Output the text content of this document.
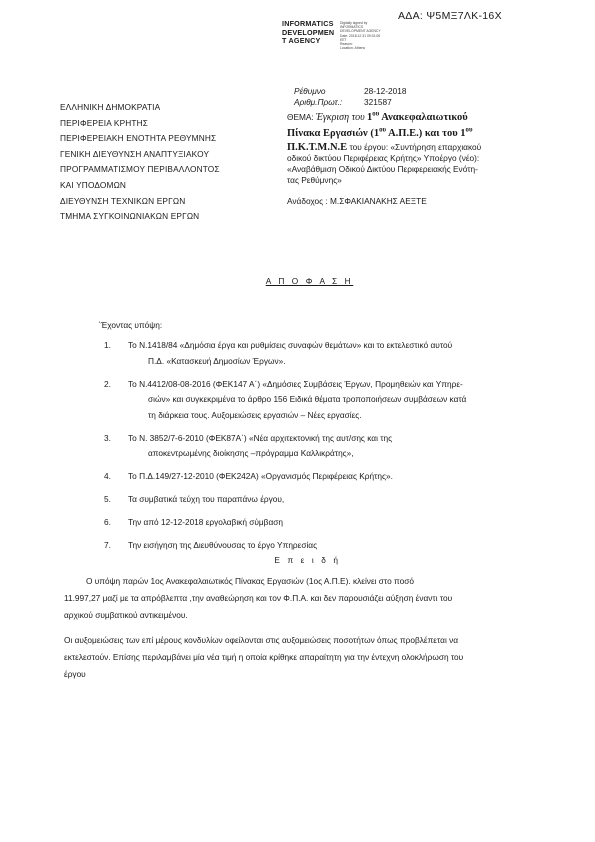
ΑΔΑ: Ψ5ΜΞ7ΛΚ-16Χ
INFORMATICS
DEVELOPMEN
T AGENCY
Digitally signed by
INFORMATICS
DEVELOPMENT AGENCY
Date: 2018.12.31 09:31:05
EET
Reason:
Location: Athens
ΕΛΛΗΝΙΚΗ ΔΗΜΟΚΡΑΤΙΑ
ΠΕΡΙΦΕΡΕΙΑ ΚΡΗΤΗΣ
ΠΕΡΙΦΕΡΕΙΑΚΗ ΕΝΟΤΗΤΑ ΡΕΘΥΜΝΗΣ
ΓΕΝΙΚΗ ΔΙΕΥΘΥΝΣΗ ΑΝΑΠΤΥΞΙΑΚΟΥ
ΠΡΟΓΡΑΜΜΑΤΙΣΜΟΥ ΠΕΡΙΒΑΛΛΟΝΤΟΣ
ΚΑΙ ΥΠΟΔΟΜΩΝ
ΔΙΕΥΘΥΝΣΗ ΤΕΧΝΙΚΩΝ ΕΡΓΩΝ
ΤΜΗΜΑ ΣΥΓΚΟΙΝΩΝΙΑΚΩΝ ΕΡΓΩΝ
Ρέθυμνο	28-12-2018
Αριθμ.Πρωτ.:	321587
ΘΕΜΑ: Έγκριση του $1^{o\upsilon}$ Ανακεφαλαιωτικού
Πίνακα Εργασιών ($1^{o\upsilon}$ Α.Π.Ε.) και του $1^{o\upsilon}$
Π.Κ.Τ.Μ.Ν.Ε του έργου: «Συντήρηση επαρχιακού
οδικού δικτύου Περιφέρειας Κρήτης» Υποέργο (νέο):
«Αναβάθμιση Οδικού Δικτύου Περιφερειακής Ενότη-
τας Ρεθύμνης»
Ανάδοχος : Μ.ΣΦΑΚΙΑΝΑΚΗΣ ΑΕΞΤΕ
Α Π Ο Φ Α Σ Η
΄Έχοντας υπόψη:
1. Το Ν.1418/84 «Δημόσια έργα και ρυθμίσεις συναφών θεμάτων» και το εκτελεστικό αυτού
Π.Δ. «Κατασκευή Δημοσίων Έργων».
2. Το Ν.4412/08-08-2016 (ΦΕΚ147 Α΄) «Δημόσιες Συμβάσεις Έργων, Προμηθειών και Υπηρε-
σιών» και συγκεκριμένα το άρθρο 156 Ειδικά θέματα τροποποιήσεων συμβάσεων κατά
τη διάρκεια τους. Αυξομειώσεις εργασιών – Νέες εργασίες.
3. Το Ν. 3852/7-6-2010 (ΦΕΚ87Α΄) «Νέα αρχιτεκτονική της αυτ/σης και της
αποκεντρωμένης διοίκησης –πρόγραμμα Καλλικράτης»,
4. Το Π.Δ.149/27-12-2010 (ΦΕΚ242Α) «Οργανισμός Περιφέρειας Κρήτης».
5. Τα συμβατικά τεύχη του παραπάνω έργου,
6. Την από 12-12-2018 εργολαβική σύμβαση
7. Την εισήγηση της Διευθύνουσας το έργο Υπηρεσίας
Ε π ε ι δ ή
Ο υπόψη παρών 1ος Ανακεφαλαιωτικός Πίνακας Εργασιών (1ος Α.Π.Ε). κλείνει στο ποσό
11.997,27 μαζί με τα απρόβλεπτα ,την αναθεώρηση και τον Φ.Π.Α. και δεν παρουσιάζει αύξηση έναντι του
αρχικού συμβατικού αντικειμένου.
Οι αυξομειώσεις των επί μέρους κονδυλίων οφείλονται στις αυξομειώσεις ποσοτήτων όπως προβλέπεται να
εκτελεστούν. Επίσης περιλαμβάνει μία νέα τιμή η οποία κρίθηκε απαραίτητη για την έντεχνη ολοκλήρωση του
έργου
